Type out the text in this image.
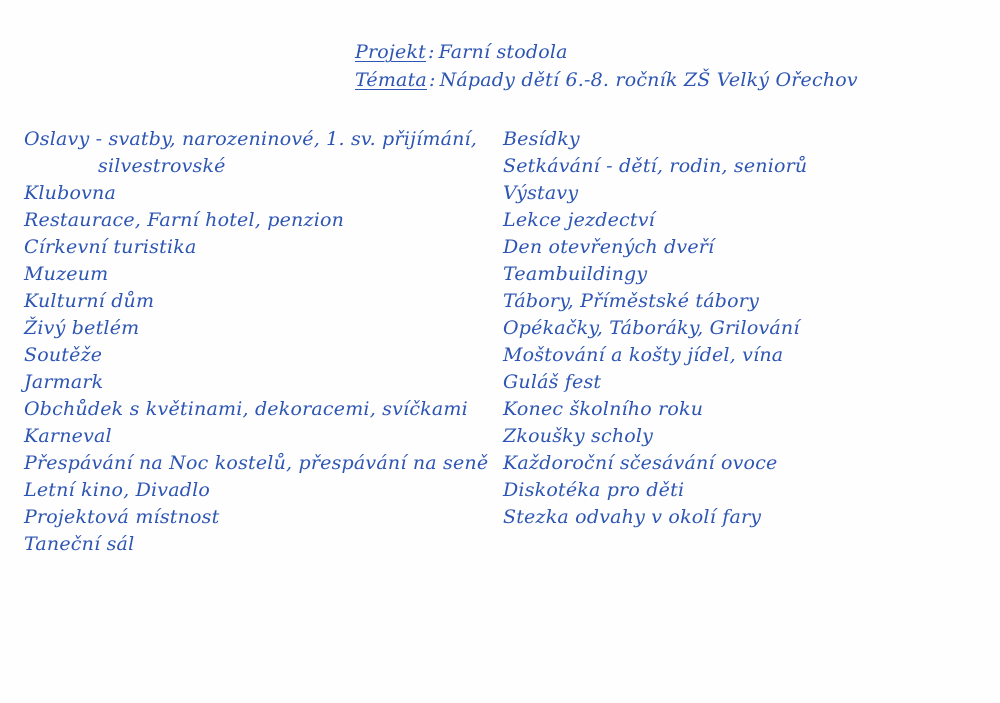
Projekt : Farní stodola
Témata : Nápady dětí 6.-8. ročník ZŠ Velký Ořechov
Oslavy - svatby, narozeninové, 1. sv. přijímání,
silvestrovské
Klubovna
Restaurace, Farní hotel, penzion
Církevní turistika
Muzeum
Kulturní dům
Živý betlém
Soutěže
Jarmark
Obchůdek s květinami, dekoracemi, svíčkami
Karneval
Přespávání na Noc kostelů, přespávání na seně
Letní kino, Divadlo
Projektová místnost
Taneční sál
Besídky
Setkávání - dětí, rodin, seniorů
Výstavy
Lekce jezdectví
Den otevřených dveří
Teambuildingy
Tábory, Příměstské tábory
Opékačky, Táboráky, Grilování
Moštování a košty jídel, vína
Guláš fest
Konec školního roku
Zkoušky scholy
Každoroční sčesávání ovoce
Diskotéka pro děti
Stezka odvahy v okolí fary
